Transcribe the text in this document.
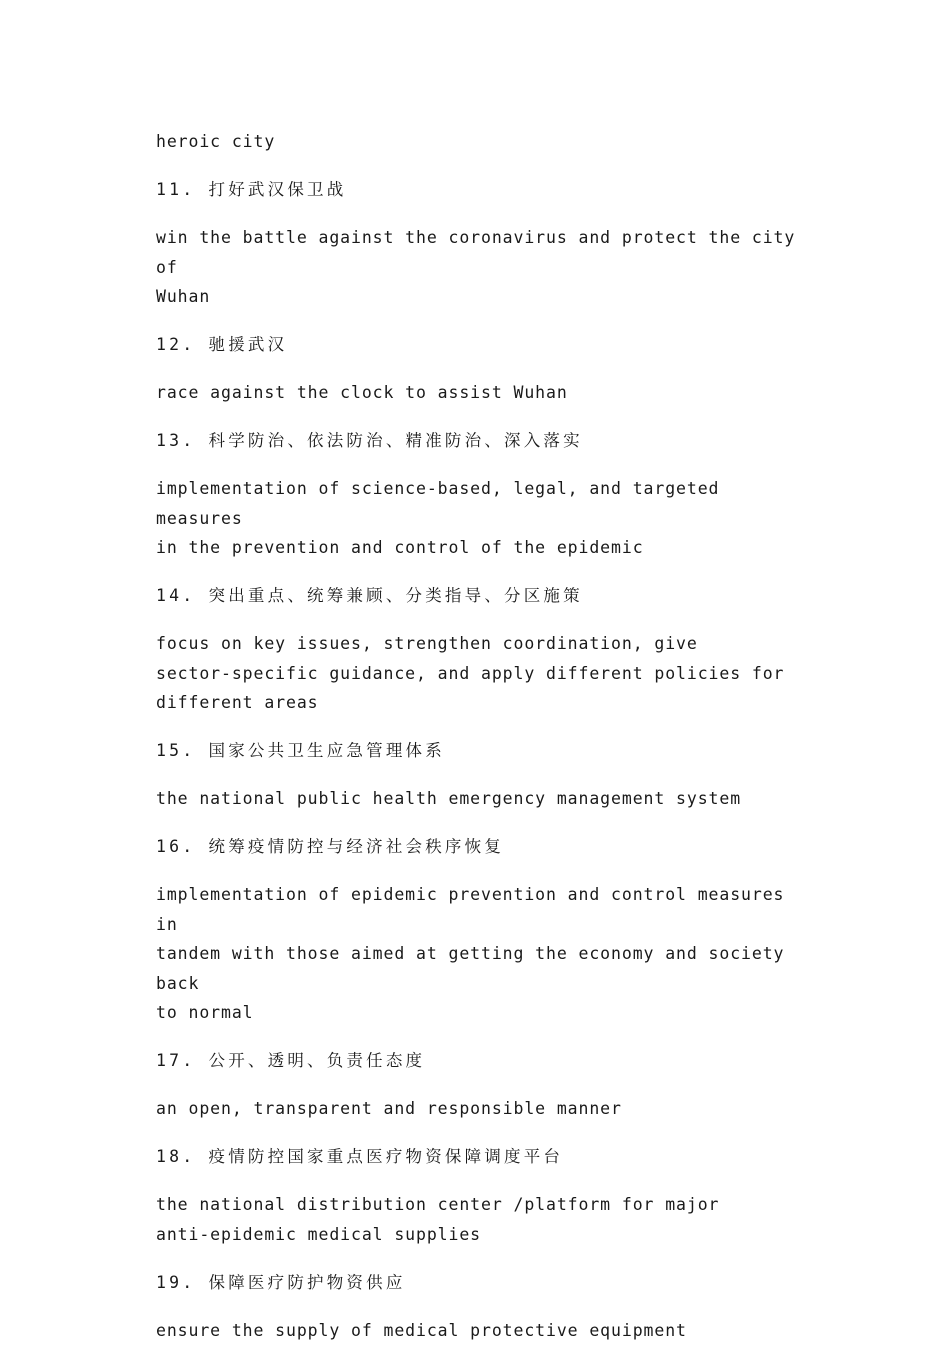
heroic city

11. 打好武汉保卫战

win the battle against the coronavirus and protect the city of

Wuhan

12. 驰援武汉

race against the clock to assist Wuhan

13. 科学防治、依法防治、精准防治、深入落实

implementation of science-based, legal, and targeted measures

in the prevention and control of the epidemic

14. 突出重点、统筹兼顾、分类指导、分区施策

focus on key issues, strengthen coordination, give

sector-specific guidance, and apply different policies for

different areas

15. 国家公共卫生应急管理体系

the national public health emergency management system

16. 统筹疫情防控与经济社会秩序恢复

implementation of epidemic prevention and control measures in

tandem with those aimed at getting the economy and society back

to normal

17. 公开、透明、负责任态度

an open, transparent and responsible manner

18. 疫情防控国家重点医疗物资保障调度平台

the national distribution center /platform for major

anti-epidemic medical supplies

19. 保障医疗防护物资供应

ensure the supply of medical protective equipment
